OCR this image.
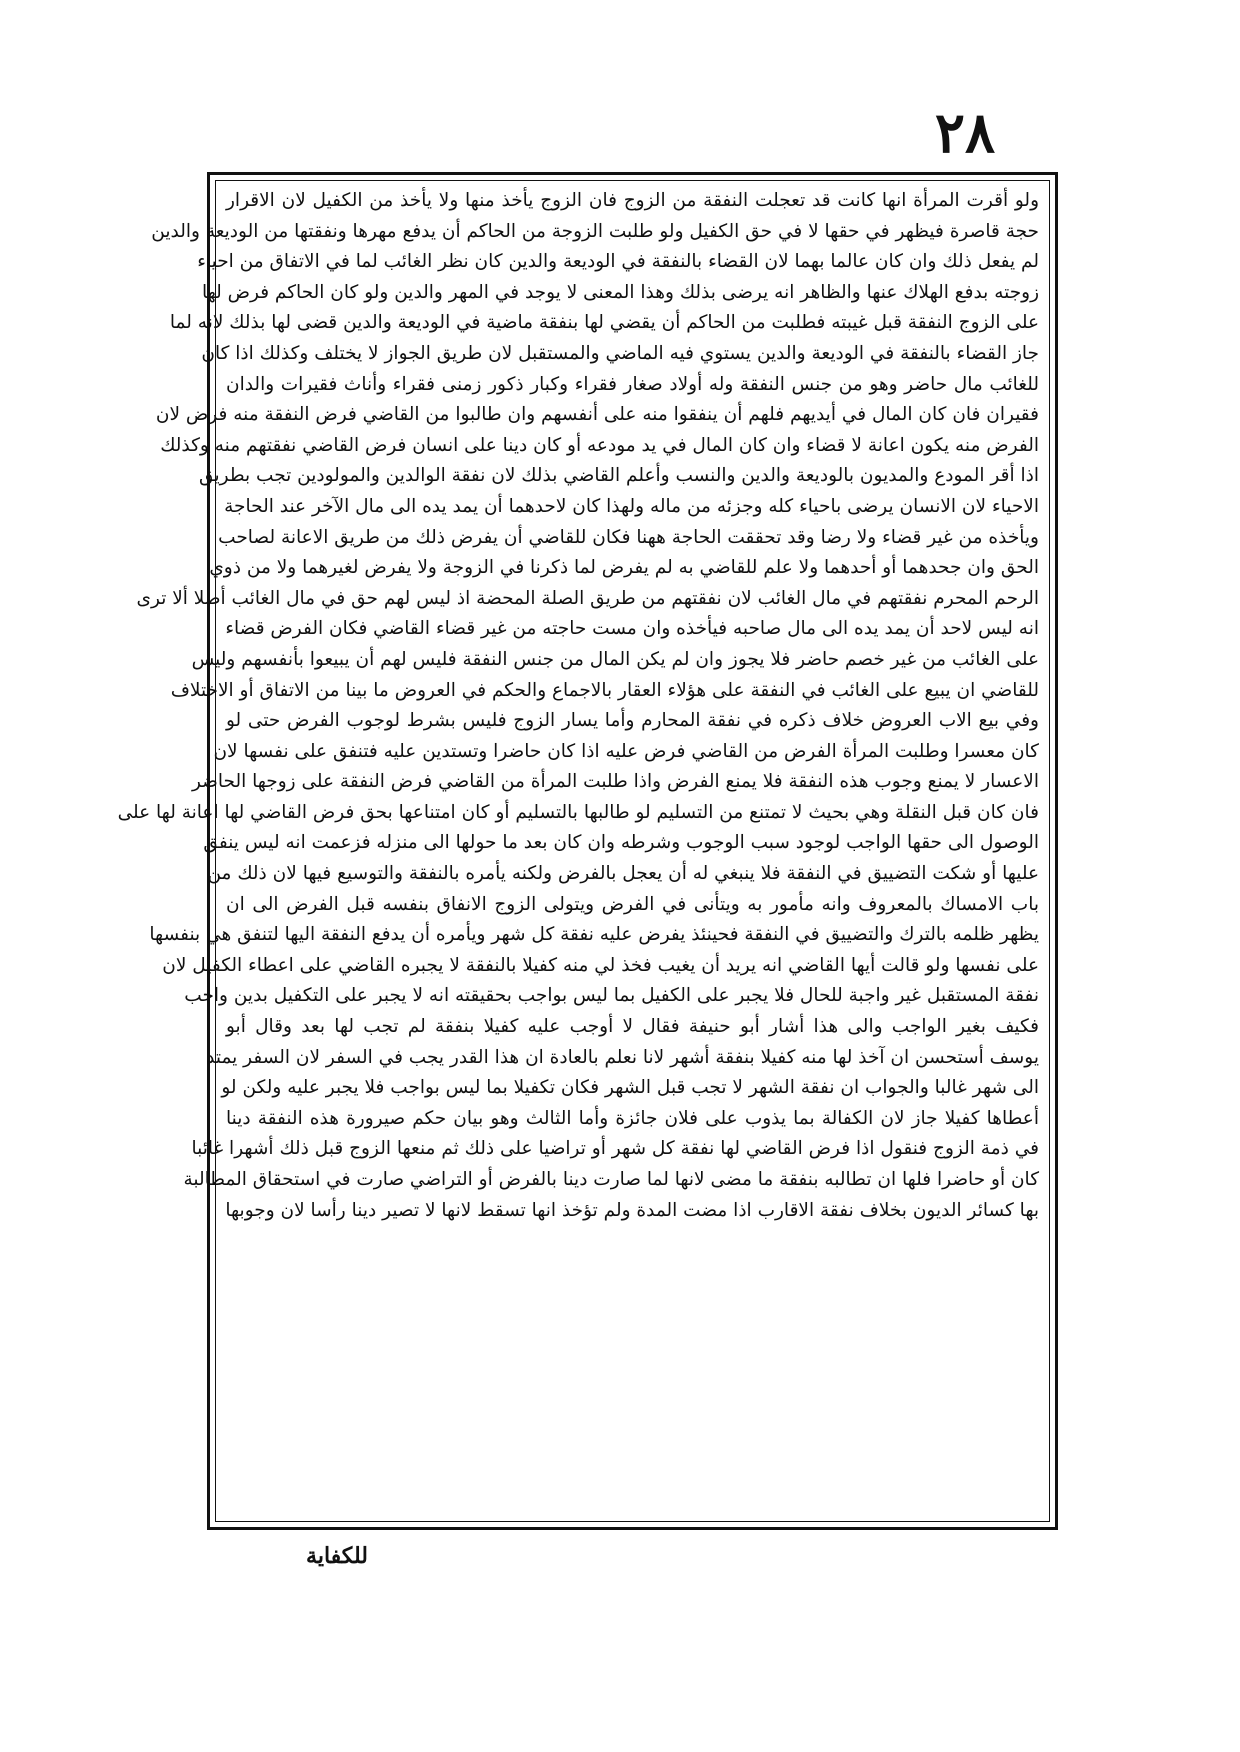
۲۸
ولو أقرت المرأة انها كانت قد تعجلت النفقة من الزوج فان الزوج يأخذ منها ولا يأخذ من الكفيل لان الاقرار
حجة قاصرة فيظهر في حقها لا في حق الكفيل ولو طلبت الزوجة من الحاكم أن يدفع مهرها ونفقتها من الوديعة والدين
لم يفعل ذلك وان كان عالما بهما لان القضاء بالنفقة في الوديعة والدين كان نظر الغائب لما في الاتفاق من احياء
زوجته بدفع الهلاك عنها والظاهر انه يرضى بذلك وهذا المعنى لا يوجد في المهر والدين ولو كان الحاكم فرض لها
على الزوج النفقة قبل غيبته فطلبت من الحاكم أن يقضي لها بنفقة ماضية في الوديعة والدين قضى لها بذلك لانه لما
جاز القضاء بالنفقة في الوديعة والدين يستوي فيه الماضي والمستقبل لان طريق الجواز لا يختلف وكذلك اذا كان
للغائب مال حاضر وهو من جنس النفقة وله أولاد صغار فقراء وكبار ذكور زمنى فقراء وأناث فقيرات والدان
فقيران فان كان المال في أيديهم فلهم أن ينفقوا منه على أنفسهم وان طالبوا من القاضي فرض النفقة منه فرض لان
الفرض منه يكون اعانة لا قضاء وان كان المال في يد مودعه أو كان دينا على انسان فرض القاضي نفقتهم منه وكذلك
اذا أقر المودع والمديون بالوديعة والدين والنسب وأعلم القاضي بذلك لان نفقة الوالدين والمولودين تجب بطريق
الاحياء لان الانسان يرضى باحياء كله وجزئه من ماله ولهذا كان لاحدهما أن يمد يده الى مال الآخر عند الحاجة
ويأخذه من غير قضاء ولا رضا وقد تحققت الحاجة ههنا فكان للقاضي أن يفرض ذلك من طريق الاعانة لصاحب
الحق وان جحدهما أو أحدهما ولا علم للقاضي به لم يفرض لما ذكرنا في الزوجة ولا يفرض لغيرهما ولا من ذوي
الرحم المحرم نفقتهم في مال الغائب لان نفقتهم من طريق الصلة المحضة اذ ليس لهم حق في مال الغائب أصلا ألا ترى
انه ليس لاحد أن يمد يده الى مال صاحبه فيأخذه وان مست حاجته من غير قضاء القاضي فكان الفرض قضاء
على الغائب من غير خصم حاضر فلا يجوز وان لم يكن المال من جنس النفقة فليس لهم أن يبيعوا بأنفسهم وليس
للقاضي ان يبيع على الغائب في النفقة على هؤلاء العقار بالاجماع والحكم في العروض ما بينا من الاتفاق أو الاختلاف
وفي بيع الاب العروض خلاف ذكره في نفقة المحارم وأما يسار الزوج فليس بشرط لوجوب الفرض حتى لو
كان معسرا وطلبت المرأة الفرض من القاضي فرض عليه اذا كان حاضرا وتستدين عليه فتنفق على نفسها لان
الاعسار لا يمنع وجوب هذه النفقة فلا يمنع الفرض واذا طلبت المرأة من القاضي فرض النفقة على زوجها الحاضر
فان كان قبل النقلة وهي بحيث لا تمتنع من التسليم لو طالبها بالتسليم أو كان امتناعها بحق فرض القاضي لها اعانة لها على
الوصول الى حقها الواجب لوجود سبب الوجوب وشرطه وان كان بعد ما حولها الى منزله فزعمت انه ليس ينفق
عليها أو شكت التضييق في النفقة فلا ينبغي له أن يعجل بالفرض ولكنه يأمره بالنفقة والتوسيع فيها لان ذلك من
باب الامساك بالمعروف وانه مأمور به ويتأنى في الفرض ويتولى الزوج الانفاق بنفسه قبل الفرض الى ان
يظهر ظلمه بالترك والتضييق في النفقة فحينئذ يفرض عليه نفقة كل شهر ويأمره أن يدفع النفقة اليها لتنفق هي بنفسها
على نفسها ولو قالت أيها القاضي انه يريد أن يغيب فخذ لي منه كفيلا بالنفقة لا يجبره القاضي على اعطاء الكفيل لان
نفقة المستقبل غير واجبة للحال فلا يجبر على الكفيل بما ليس بواجب بحقيقته انه لا يجبر على التكفيل بدين واجب
فكيف بغير الواجب والى هذا أشار أبو حنيفة فقال لا أوجب عليه كفيلا بنفقة لم تجب لها بعد وقال أبو
يوسف أستحسن ان آخذ لها منه كفيلا بنفقة أشهر لانا نعلم بالعادة ان هذا القدر يجب في السفر لان السفر يمتد
الى شهر غالبا والجواب ان نفقة الشهر لا تجب قبل الشهر فكان تكفيلا بما ليس بواجب فلا يجبر عليه ولكن لو
أعطاها كفيلا جاز لان الكفالة بما يذوب على فلان جائزة وأما الثالث وهو بيان حكم صيرورة هذه النفقة دينا
في ذمة الزوج فنقول اذا فرض القاضي لها نفقة كل شهر أو تراضيا على ذلك ثم منعها الزوج قبل ذلك أشهرا غائبا
كان أو حاضرا فلها ان تطالبه بنفقة ما مضى لانها لما صارت دينا بالفرض أو التراضي صارت في استحقاق المطالبة
بها كسائر الديون بخلاف نفقة الاقارب اذا مضت المدة ولم تؤخذ انها تسقط لانها لا تصير دينا رأسا لان وجوبها
للكفاية
